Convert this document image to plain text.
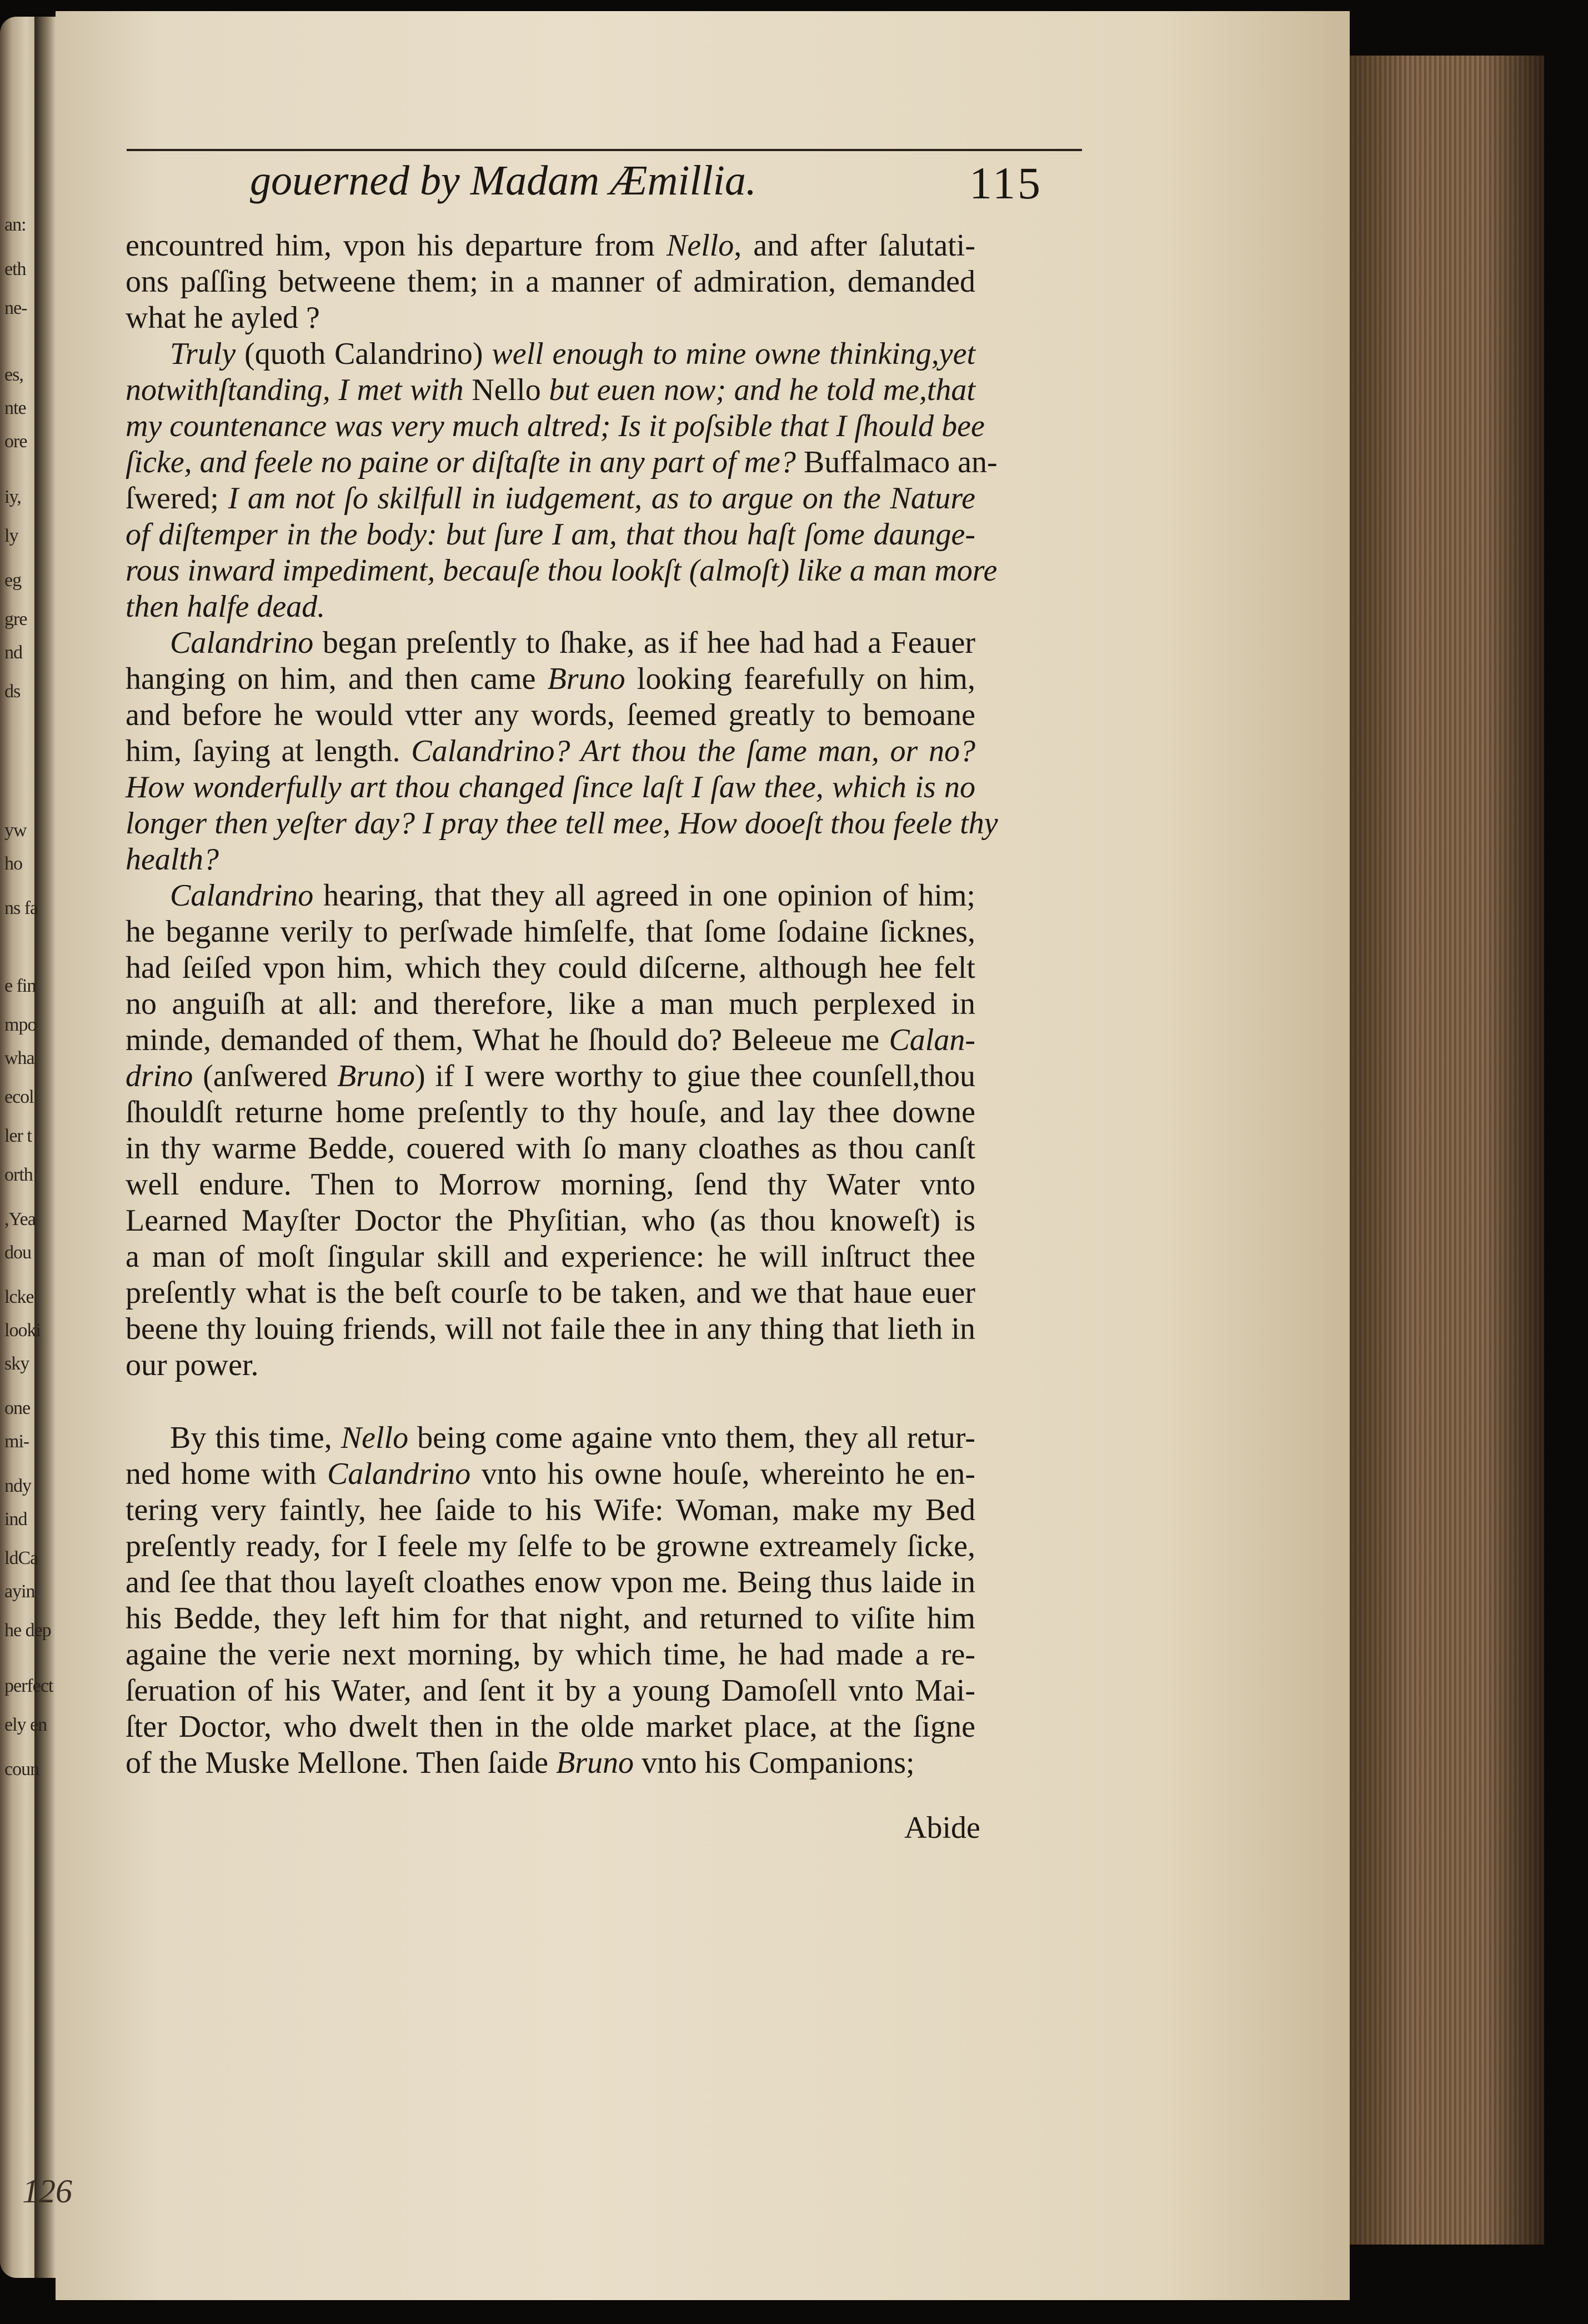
an:
eth
ne-
es,
nte
ore
iy,
ly
eg
gre
nd
ds
yw
ho
ns fa
e fin
mpo
wha
ecol
ler t
orth
,Yea
dou
lcke
looki
sky
one
mi-
ndy
ind
ldCa
ayin
he dep
perfect
ely en
coun
gouerned by Madam Æmillia.	115
encountred him, vpon his departure from Nello, and after ſalutati-
ons paſſing betweene them; in a manner of admiration, demanded
what he ayled ?
Truly (quoth Calandrino) well enough to mine owne thinking,yet
notwithſtanding, I met with Nello but euen now; and he told me,that
my countenance was very much altred; Is it poſsible that I ſhould bee
ſicke, and feele no paine or diſtaſte in any part of me? Buffalmaco an-
ſwered; I am not ſo skilfull in iudgement, as to argue on the Nature
of diſtemper in the body: but ſure I am, that thou haſt ſome daunge-
rous inward impediment, becauſe thou lookſt (almoſt) like a man more
then halfe dead.
Calandrino began preſently to ſhake, as if hee had had a Feauer
hanging on him, and then came Bruno looking fearefully on him,
and before he would vtter any words, ſeemed greatly to bemoane
him, ſaying at length. Calandrino? Art thou the ſame man, or no?
How wonderfully art thou changed ſince laſt I ſaw thee, which is no
longer then yeſter day? I pray thee tell mee, How dooeſt thou feele thy
health?
Calandrino hearing, that they all agreed in one opinion of him;
he beganne verily to perſwade himſelfe, that ſome ſodaine ſicknes,
had ſeiſed vpon him, which they could diſcerne, although hee felt
no anguiſh at all: and therefore, like a man much perplexed in
minde, demanded of them, What he ſhould do? Beleeue me Calan-
drino (anſwered Bruno) if I were worthy to giue thee counſell,thou
ſhouldſt returne home preſently to thy houſe, and lay thee downe
in thy warme Bedde, couered with ſo many cloathes as thou canſt
well endure. Then to Morrow morning, ſend thy Water vnto
Learned Mayſter Doctor the Phyſitian, who (as thou knoweſt) is
a man of moſt ſingular skill and experience: he will inſtruct thee
preſently what is the beſt courſe to be taken, and we that haue euer
beene thy louing friends, will not faile thee in any thing that lieth in
our power.
By this time, Nello being come againe vnto them, they all retur-
ned home with Calandrino vnto his owne houſe, whereinto he en-
tering very faintly, hee ſaide to his Wife: Woman, make my Bed
preſently ready, for I feele my ſelfe to be growne extreamely ſicke,
and ſee that thou layeſt cloathes enow vpon me. Being thus laide in
his Bedde, they left him for that night, and returned to viſite him
againe the verie next morning, by which time, he had made a re-
ſeruation of his Water, and ſent it by a young Damoſell vnto Mai-
ſter Doctor, who dwelt then in the olde market place, at the ſigne
of the Muske Mellone. Then ſaide Bruno vnto his Companions;
Abide
126
